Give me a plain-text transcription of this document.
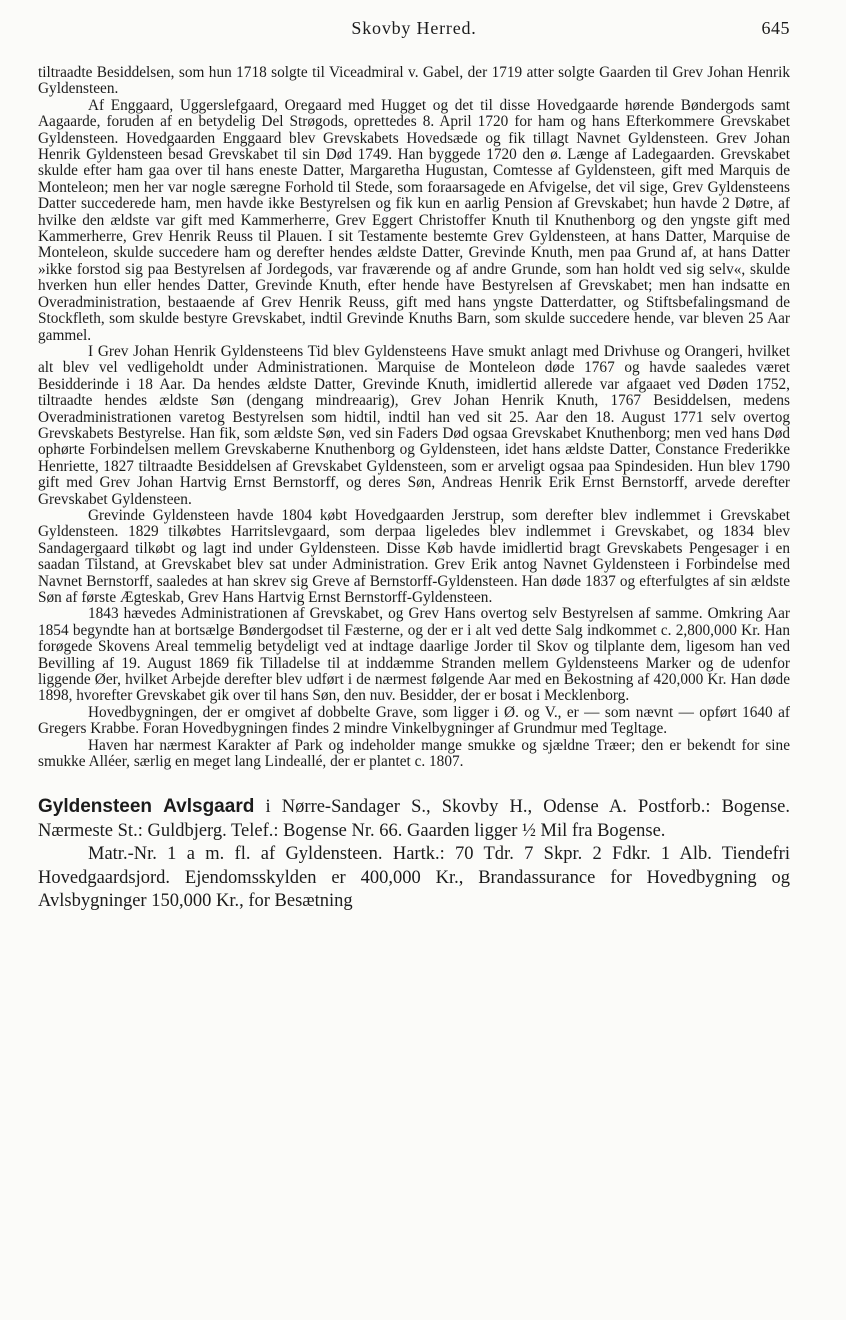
Skovby Herred.	645

tiltraadte Besiddelsen, som hun 1718 solgte til Viceadmiral v. Gabel, der 1719 atter solgte Gaarden til Grev Johan Henrik Gyldensteen.

Af Enggaard, Uggerslefgaard, Oregaard med Hugget og det til disse Hovedgaarde hørende Bøndergods samt Aagaarde, foruden af en betydelig Del Strøgods, oprettedes 8. April 1720 for ham og hans Efterkommere Grevskabet Gyldensteen. Hovedgaarden Enggaard blev Grevskabets Hovedsæde og fik tillagt Navnet Gyldensteen. Grev Johan Henrik Gyldensteen besad Grevskabet til sin Død 1749. Han byggede 1720 den ø. Længe af Ladegaarden. Grevskabet skulde efter ham gaa over til hans eneste Datter, Margaretha Hugustan, Comtesse af Gyldensteen, gift med Marquis de Monteleon; men her var nogle særegne Forhold til Stede, som foraarsagede en Afvigelse, det vil sige, Grev Gyldensteens Datter succederede ham, men havde ikke Bestyrelsen og fik kun en aarlig Pension af Grevskabet; hun havde 2 Døtre, af hvilke den ældste var gift med Kammerherre, Grev Eggert Christoffer Knuth til Knuthenborg og den yngste gift med Kammerherre, Grev Henrik Reuss til Plauen. I sit Testamente bestemte Grev Gyldensteen, at hans Datter, Marquise de Monteleon, skulde succedere ham og derefter hendes ældste Datter, Grevinde Knuth, men paa Grund af, at hans Datter »ikke forstod sig paa Bestyrelsen af Jordegods, var fraværende og af andre Grunde, som han holdt ved sig selv«, skulde hverken hun eller hendes Datter, Grevinde Knuth, efter hende have Bestyrelsen af Grevskabet; men han indsatte en Overadministration, bestaaende af Grev Henrik Reuss, gift med hans yngste Datterdatter, og Stiftsbefalingsmand de Stockfleth, som skulde bestyre Grevskabet, indtil Grevinde Knuths Barn, som skulde succedere hende, var bleven 25 Aar gammel.

I Grev Johan Henrik Gyldensteens Tid blev Gyldensteens Have smukt anlagt med Drivhuse og Orangeri, hvilket alt blev vel vedligeholdt under Administrationen. Marquise de Monteleon døde 1767 og havde saaledes været Besidderinde i 18 Aar. Da hendes ældste Datter, Grevinde Knuth, imidlertid allerede var afgaaet ved Døden 1752, tiltraadte hendes ældste Søn (dengang mindreaarig), Grev Johan Henrik Knuth, 1767 Besiddelsen, medens Overadministrationen varetog Bestyrelsen som hidtil, indtil han ved sit 25. Aar den 18. August 1771 selv overtog Grevskabets Bestyrelse. Han fik, som ældste Søn, ved sin Faders Død ogsaa Grevskabet Knuthenborg; men ved hans Død ophørte Forbindelsen mellem Grevskaberne Knuthenborg og Gyldensteen, idet hans ældste Datter, Constance Frederikke Henriette, 1827 tiltraadte Besiddelsen af Grevskabet Gyldensteen, som er arveligt ogsaa paa Spindesiden. Hun blev 1790 gift med Grev Johan Hartvig Ernst Bernstorff, og deres Søn, Andreas Henrik Erik Ernst Bernstorff, arvede derefter Grevskabet Gyldensteen.

Grevinde Gyldensteen havde 1804 købt Hovedgaarden Jerstrup, som derefter blev indlemmet i Grevskabet Gyldensteen. 1829 tilkøbtes Harritslevgaard, som derpaa ligeledes blev indlemmet i Grevskabet, og 1834 blev Sandagergaard tilkøbt og lagt ind under Gyldensteen. Disse Køb havde imidlertid bragt Grevskabets Pengesager i en saadan Tilstand, at Grevskabet blev sat under Administration. Grev Erik antog Navnet Gyldensteen i Forbindelse med Navnet Bernstorff, saaledes at han skrev sig Greve af Bernstorff-Gyldensteen. Han døde 1837 og efterfulgtes af sin ældste Søn af første Ægteskab, Grev Hans Hartvig Ernst Bernstorff-Gyldensteen.

1843 hævedes Administrationen af Grevskabet, og Grev Hans overtog selv Bestyrelsen af samme. Omkring Aar 1854 begyndte han at bortsælge Bøndergodset til Fæsterne, og der er i alt ved dette Salg indkommet c. 2,800,000 Kr. Han forøgede Skovens Areal temmelig betydeligt ved at indtage daarlige Jorder til Skov og tilplante dem, ligesom han ved Bevilling af 19. August 1869 fik Tilladelse til at inddæmme Stranden mellem Gyldensteens Marker og de udenfor liggende Øer, hvilket Arbejde derefter blev udført i de nærmest følgende Aar med en Bekostning af 420,000 Kr. Han døde 1898, hvorefter Grevskabet gik over til hans Søn, den nuv. Besidder, der er bosat i Mecklenborg.

Hovedbygningen, der er omgivet af dobbelte Grave, som ligger i Ø. og V., er — som nævnt — opført 1640 af Gregers Krabbe. Foran Hovedbygningen findes 2 mindre Vinkelbygninger af Grundmur med Tegltage.

Haven har nærmest Karakter af Park og indeholder mange smukke og sjældne Træer; den er bekendt for sine smukke Alléer, særlig en meget lang Lindeallé, der er plantet c. 1807.

Gyldensteen Avlsgaard i Nørre-Sandager S., Skovby H., Odense A. Postforb.: Bogense. Nærmeste St.: Guldbjerg. Telef.: Bogense Nr. 66. Gaarden ligger ½ Mil fra Bogense.

Matr.-Nr. 1 a m. fl. af Gyldensteen. Hartk.: 70 Tdr. 7 Skpr. 2 Fdkr. 1 Alb. Tiendefri Hovedgaardsjord. Ejendomsskylden er 400,000 Kr., Brandassurance for Hovedbygning og Avlsbygninger 150,000 Kr., for Besætning
